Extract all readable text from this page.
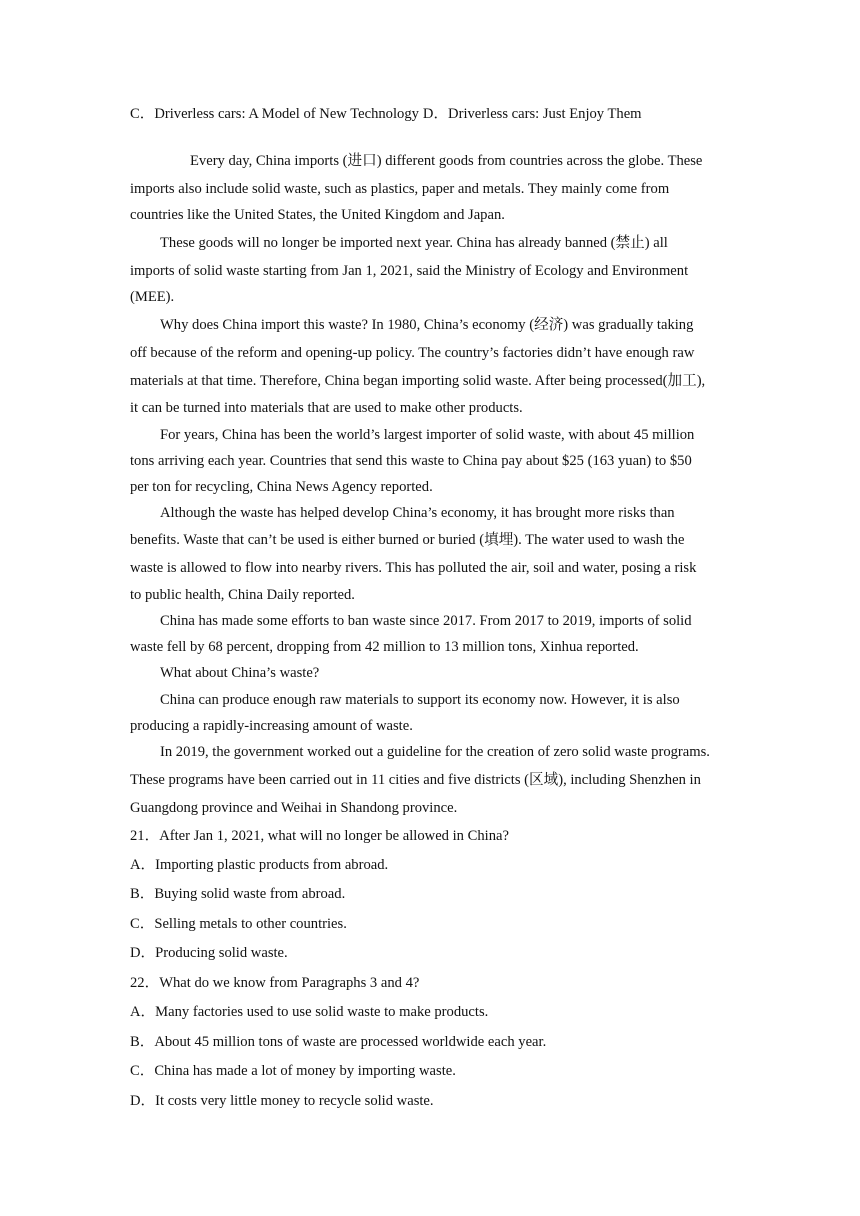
C．Driverless cars: A Model of New Technology D．Driverless cars: Just Enjoy Them
Every day, China imports (进口) different goods from countries across the globe. These
imports also include solid waste, such as plastics, paper and metals. They mainly come from
countries like the United States, the United Kingdom and Japan.
These goods will no longer be imported next year. China has already banned (禁止) all
imports of solid waste starting from Jan 1, 2021, said the Ministry of Ecology and Environment
(MEE).
Why does China import this waste? In 1980, China’s economy (经济) was gradually taking
off because of the reform and opening-up policy. The country’s factories didn’t have enough raw
materials at that time. Therefore, China began importing solid waste. After being processed(加工),
it can be turned into materials that are used to make other products.
For years, China has been the world’s largest importer of solid waste, with about 45 million
tons arriving each year. Countries that send this waste to China pay about $25 (163 yuan) to $50
per ton for recycling, China News Agency reported.
Although the waste has helped develop China’s economy, it has brought more risks than
benefits. Waste that can’t be used is either burned or buried (填埋). The water used to wash the
waste is allowed to flow into nearby rivers. This has polluted the air, soil and water, posing a risk
to public health, China Daily reported.
China has made some efforts to ban waste since 2017. From 2017 to 2019, imports of solid
waste fell by 68 percent, dropping from 42 million to 13 million tons, Xinhua reported.
What about China’s waste?
China can produce enough raw materials to support its economy now. However, it is also
producing a rapidly-increasing amount of waste.
In 2019, the government worked out a guideline for the creation of zero solid waste programs.
These programs have been carried out in 11 cities and five districts (区域), including Shenzhen in
Guangdong province and Weihai in Shandong province.
21．After Jan 1, 2021, what will no longer be allowed in China?
A．Importing plastic products from abroad.
B．Buying solid waste from abroad.
C．Selling metals to other countries.
D．Producing solid waste.
22．What do we know from Paragraphs 3 and 4?
A．Many factories used to use solid waste to make products.
B．About 45 million tons of waste are processed worldwide each year.
C．China has made a lot of money by importing waste.
D．It costs very little money to recycle solid waste.
